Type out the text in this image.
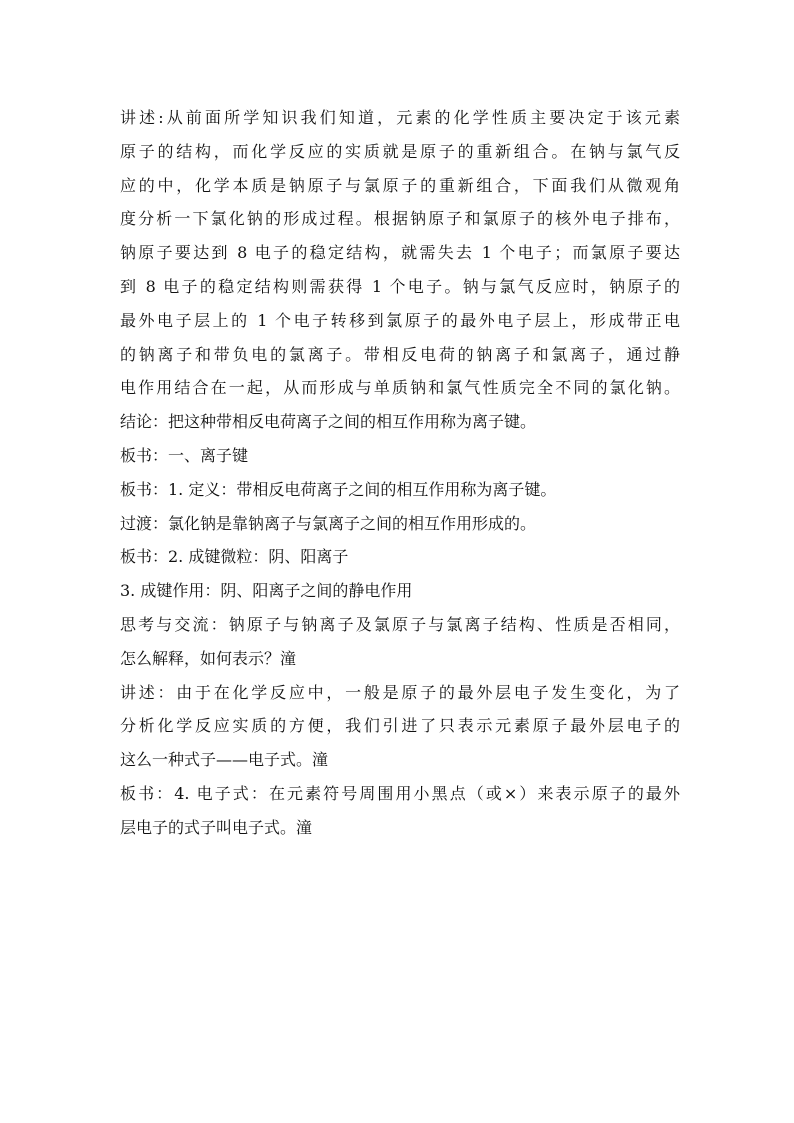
讲述:从前面所学知识我们知道，元素的化学性质主要决定于该元素
原子的结构，而化学反应的实质就是原子的重新组合。在钠与氯气反
应的中，化学本质是钠原子与氯原子的重新组合，下面我们从微观角
度分析一下氯化钠的形成过程。根据钠原子和氯原子的核外电子排布，
钠原子要达到 8 电子的稳定结构，就需失去 1 个电子；而氯原子要达
到 8 电子的稳定结构则需获得 1 个电子。钠与氯气反应时，钠原子的
最外电子层上的 1 个电子转移到氯原子的最外电子层上，形成带正电
的钠离子和带负电的氯离子。带相反电荷的钠离子和氯离子，通过静
电作用结合在一起，从而形成与单质钠和氯气性质完全不同的氯化钠。
结论：把这种带相反电荷离子之间的相互作用称为离子键。
板书：一、离子键
板书：1. 定义：带相反电荷离子之间的相互作用称为离子键。
过渡：氯化钠是靠钠离子与氯离子之间的相互作用形成的。
板书：2. 成键微粒：阴、阳离子
3. 成键作用：阴、阳离子之间的静电作用
思考与交流：钠原子与钠离子及氯原子与氯离子结构、性质是否相同，
怎么解释，如何表示？潼
讲述：由于在化学反应中，一般是原子的最外层电子发生变化，为了
分析化学反应实质的方便，我们引进了只表示元素原子最外层电子的
这么一种式子——电子式。潼
板书：4. 电子式：在元素符号周围用小黑点（或×）来表示原子的最外
层电子的式子叫电子式。潼
